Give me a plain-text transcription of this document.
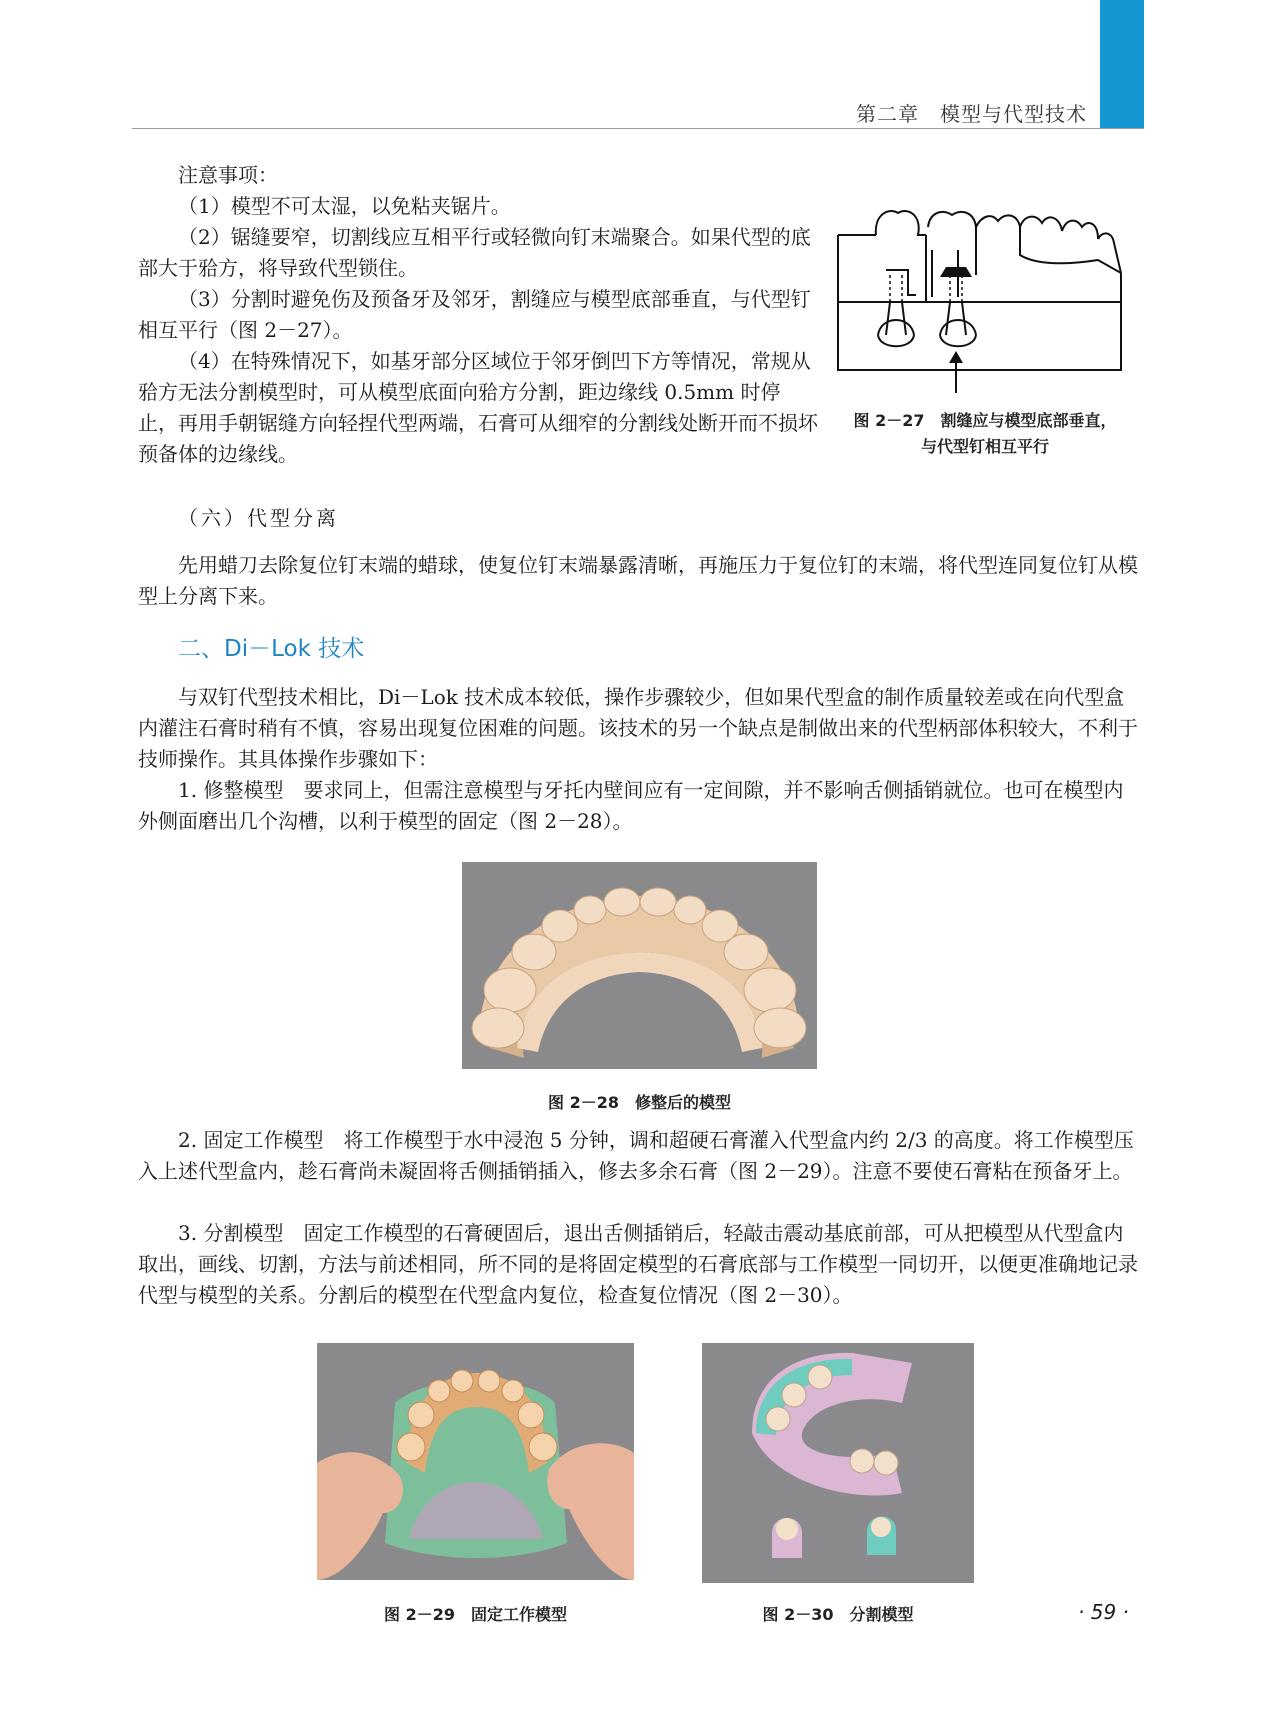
第二章　模型与代型技术

注意事项：

（1）模型不可太湿，以免粘夹锯片。

（2）锯缝要窄，切割线应互相平行或轻微向钉末端聚合。如果代型的底部大于𬌗方，将导致代型锁住。

（3）分割时避免伤及预备牙及邻牙，割缝应与模型底部垂直，与代型钉相互平行（图 2－27）。

（4）在特殊情况下，如基牙部分区域位于邻牙倒凹下方等情况，常规从𬌗方无法分割模型时，可从模型底面向𬌗方分割，距边缘线 0.5mm 时停止，再用手朝锯缝方向轻捏代型两端，石膏可从细窄的分割线处断开而不损坏预备体的边缘线。

图 2－27　割缝应与模型底部垂直，
与代型钉相互平行
（六）代型分离

先用蜡刀去除复位钉末端的蜡球，使复位钉末端暴露清晰，再施压力于复位钉的末端，将代型连同复位钉从模型上分离下来。

二、Di－Lok 技术

与双钉代型技术相比，Di－Lok 技术成本较低，操作步骤较少，但如果代型盒的制作质量较差或在向代型盒内灌注石膏时稍有不慎，容易出现复位困难的问题。该技术的另一个缺点是制做出来的代型柄部体积较大，不利于技师操作。其具体操作步骤如下：

1. 修整模型　要求同上，但需注意模型与牙托内壁间应有一定间隙，并不影响舌侧插销就位。也可在模型内外侧面磨出几个沟槽，以利于模型的固定（图 2－28）。

图 2－28　修整后的模型

2. 固定工作模型　将工作模型于水中浸泡 5 分钟，调和超硬石膏灌入代型盒内约 2/3 的高度。将工作模型压入上述代型盒内，趁石膏尚未凝固将舌侧插销插入，修去多余石膏（图 2－29）。注意不要使石膏粘在预备牙上。

3. 分割模型　固定工作模型的石膏硬固后，退出舌侧插销后，轻敲击震动基底前部，可从把模型从代型盒内取出，画线、切割，方法与前述相同，所不同的是将固定模型的石膏底部与工作模型一同切开，以便更准确地记录代型与模型的关系。分割后的模型在代型盒内复位，检查复位情况（图 2－30）。

图 2－29　固定工作模型	图 2－30　分割模型	· 59 ·
